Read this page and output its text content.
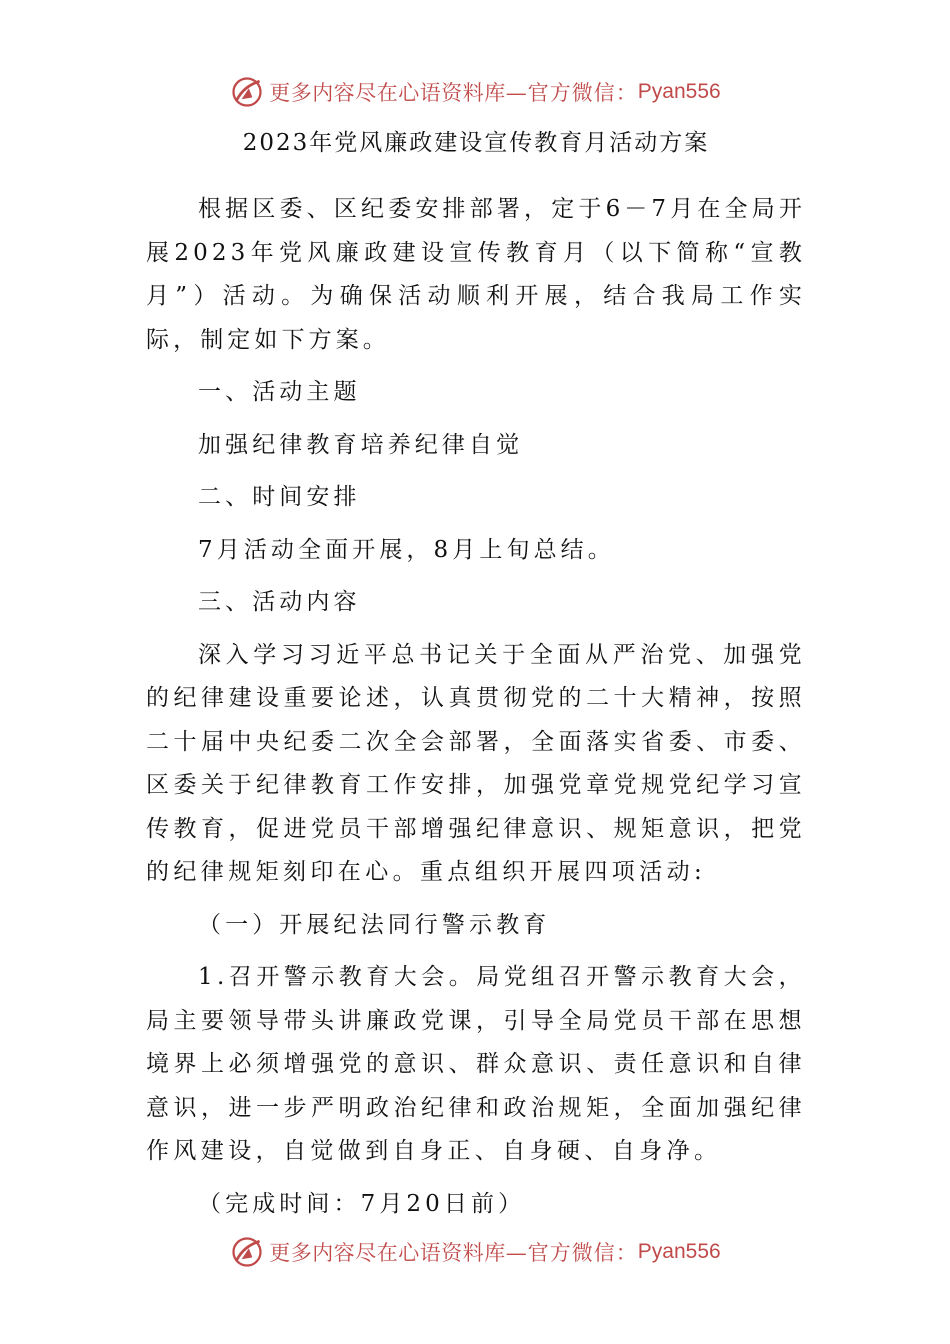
更多内容尽在心语资料库 —官方微信： Pyan556
2023年党风廉政建设宣传教育月活动方案
根据区委、区纪委安排部署，定于6－7月在全局开展2023年党风廉政建设宣传教育月（以下简称“宣教月”）活动。为确保活动顺利开展，结合我局工作实际，制定如下方案。
一、活动主题
加强纪律教育培养纪律自觉
二、时间安排
7月活动全面开展，8月上旬总结。
三、活动内容
深入学习习近平总书记关于全面从严治党、加强党的纪律建设重要论述，认真贯彻党的二十大精神，按照二十届中央纪委二次全会部署，全面落实省委、市委、区委关于纪律教育工作安排，加强党章党规党纪学习宣传教育，促进党员干部增强纪律意识、规矩意识，把党的纪律规矩刻印在心。重点组织开展四项活动:
（一）开展纪法同行警示教育
1.召开警示教育大会。局党组召开警示教育大会，局主要领导带头讲廉政党课，引导全局党员干部在思想境界上必须增强党的意识、群众意识、责任意识和自律意识，进一步严明政治纪律和政治规矩，全面加强纪律作风建设，自觉做到自身正、自身硬、自身净。
（完成时间：7月20日前）
更多内容尽在心语资料库 —官方微信： Pyan556
